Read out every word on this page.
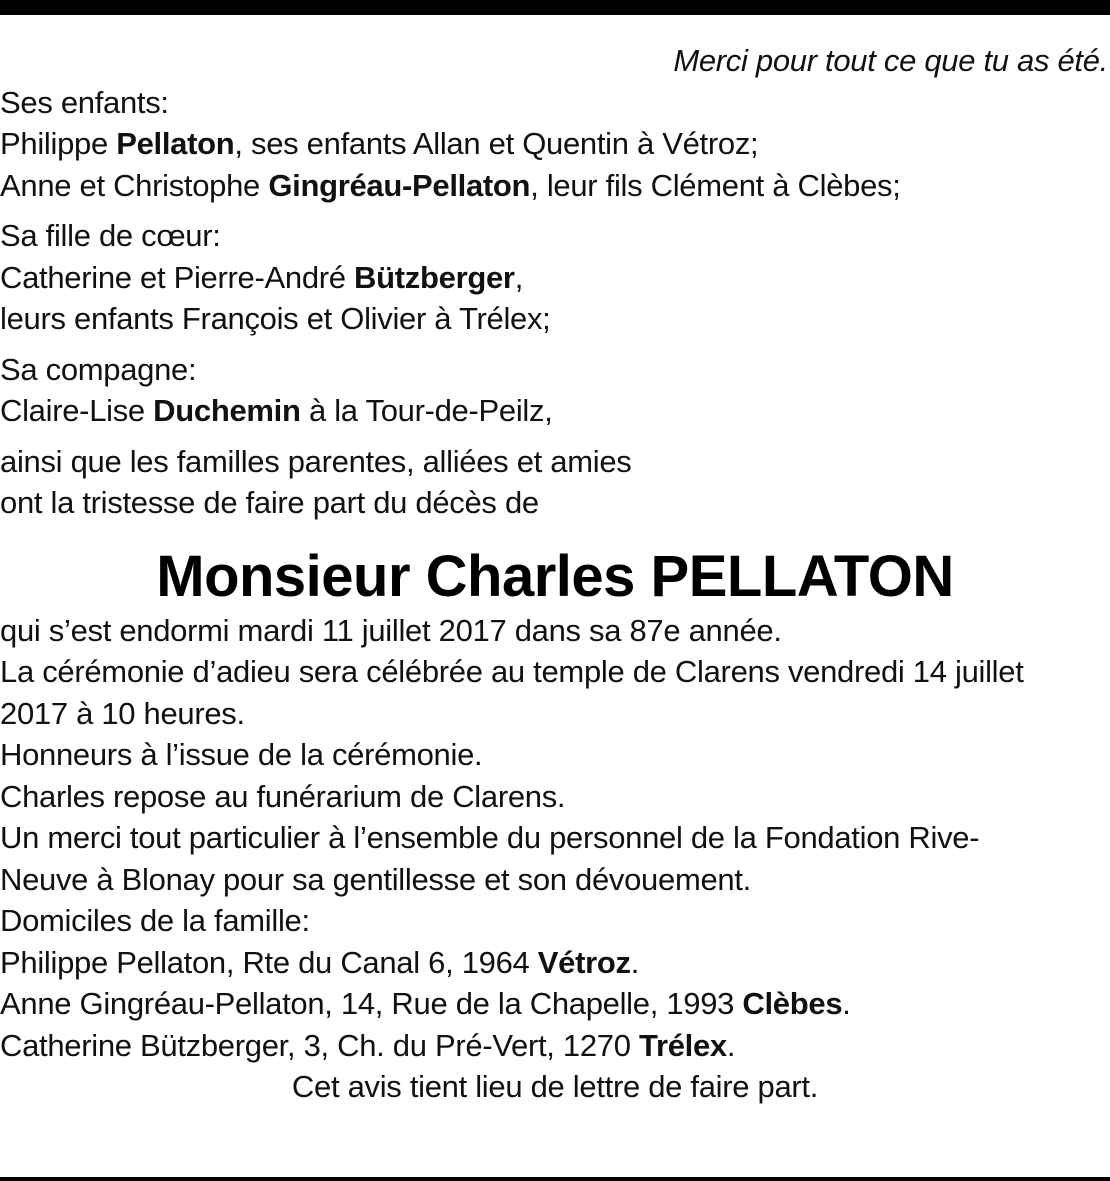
Merci pour tout ce que tu as été.
Ses enfants:
Philippe Pellaton, ses enfants Allan et Quentin à Vétroz;
Anne et Christophe Gingréau-Pellaton, leur fils Clément à Clèbes;
Sa fille de cœur:
Catherine et Pierre-André Bützberger,
leurs enfants François et Olivier à Trélex;
Sa compagne:
Claire-Lise Duchemin à la Tour-de-Peilz,
ainsi que les familles parentes, alliées et amies
ont la tristesse de faire part du décès de
Monsieur Charles PELLATON
qui s’est endormi mardi 11 juillet 2017 dans sa 87e année.
La cérémonie d’adieu sera célébrée au temple de Clarens vendredi 14 juillet
2017 à 10 heures.
Honneurs à l’issue de la cérémonie.
Charles repose au funérarium de Clarens.
Un merci tout particulier à l’ensemble du personnel de la Fondation Rive-
Neuve à Blonay pour sa gentillesse et son dévouement.
Domiciles de la famille:
Philippe Pellaton, Rte du Canal 6, 1964 Vétroz.
Anne Gingréau-Pellaton, 14, Rue de la Chapelle, 1993 Clèbes.
Catherine Bützberger, 3, Ch. du Pré-Vert, 1270 Trélex.
Cet avis tient lieu de lettre de faire part.
